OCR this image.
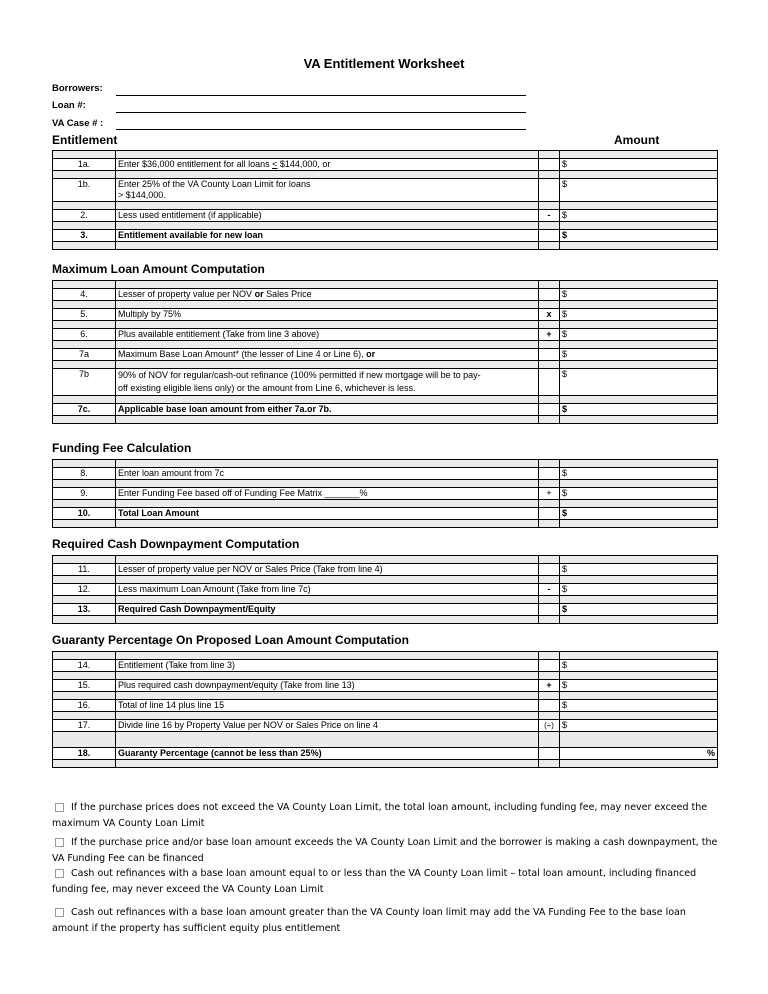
VA Entitlement Worksheet
Borrowers:
Loan #:
VA Case # :
Entitlement	Amount

1a.	Enter $36,000 entitlement for all loans < $144,000, or		$

1b.	Enter 25% of the VA County Loan Limit for loans
> $144,000.		$

2.	Less used entitlement (if applicable)	-	$

3.	Entitlement available for new loan		$

Maximum Loan Amount Computation

4.	Lesser of property value per NOV or Sales Price		$

5.	Multiply by 75%	x	$

6.	Plus available entitlement (Take from line 3 above)	+	$

7a	Maximum Base Loan Amount* (the lesser of Line 4 or Line 6), or		$

7b	90% of NOV for regular/cash-out refinance (100% permitted if new mortgage will be to pay-
off existing eligible liens only) or the amount from Line 6, whichever is less.		$

7c.	Applicable base loan amount from either 7a.or 7b.		$

Funding Fee Calculation

8.	Enter loan amount from 7c		$

9.	Enter Funding Fee based off of Funding Fee Matrix _______%	+	$

10.	Total Loan Amount		$

Required Cash Downpayment Computation

11.	Lesser of property value per NOV or Sales Price (Take from line 4)		$

12.	Less maximum Loan Amount (Take from line 7c)	-	$

13.	Required Cash Downpayment/Equity		$

Guaranty Percentage On Proposed Loan Amount Computation

14.	Entitlement (Take from line 3)		$

15.	Plus required cash downpayment/equity (Take from line 13)	+	$

16.	Total of line 14 plus line 15		$

17.	Divide line 16 by Property Value per NOV or Sales Price on line 4	(÷)	$

18.	Guaranty Percentage (cannot be less than 25%)		%

If the purchase prices does not exceed the VA County Loan Limit, the total loan amount, including funding fee, may never exceed the maximum VA County Loan Limit
If the purchase price and/or base loan amount exceeds the VA County Loan Limit and the borrower is making a cash downpayment, the VA Funding Fee can be financed
Cash out refinances with a base loan amount equal to or less than the VA County Loan limit – total loan amount, including financed funding fee, may never exceed the VA County Loan Limit
Cash out refinances with a base loan amount greater than the VA County loan limit may add the VA Funding Fee to the base loan amount if the property has sufficient equity plus entitlement
